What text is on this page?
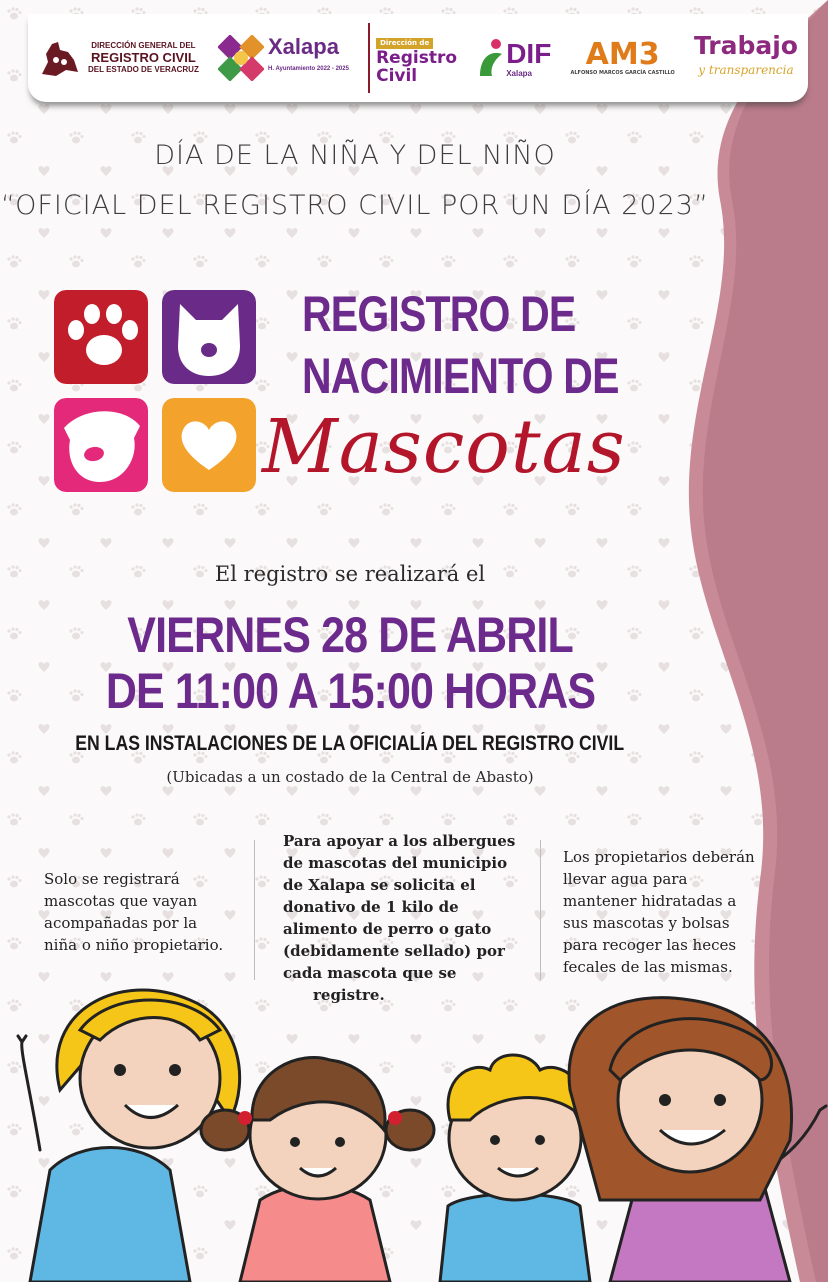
DIRECCIÓN GENERAL DEL
REGISTRO CIVIL
DEL ESTADO DE VERACRUZ
Xalapa
H. Ayuntamiento 2022 - 2025
Dirección de
Registro
Civil
DIF
Xalapa
AM3
ALFONSO MARCOS GARCÍA CASTILLO
Trabajo
y transparencia
DÍA DE LA NIÑA Y DEL NIÑO
“OFICIAL DEL REGISTRO CIVIL POR UN DÍA 2023”
REGISTRO DE
NACIMIENTO DE
Mascotas
El registro se realizará el
VIERNES 28 DE ABRIL
DE 11:00 A 15:00 HORAS
EN LAS INSTALACIONES DE LA OFICIALÍA DEL REGISTRO CIVIL
(Ubicadas a un costado de la Central de Abasto)
Solo se registrará
mascotas que vayan
acompañadas por la
niña o niño propietario.
Para apoyar a los albergues
de mascotas del municipio
de Xalapa se solicita el
donativo de 1 kilo de
alimento de perro o gato
(debidamente sellado) por
cada mascota que se
registre.
Los propietarios deberán
llevar agua para
mantener hidratadas a
sus mascotas y bolsas
para recoger las heces
fecales de las mismas.
